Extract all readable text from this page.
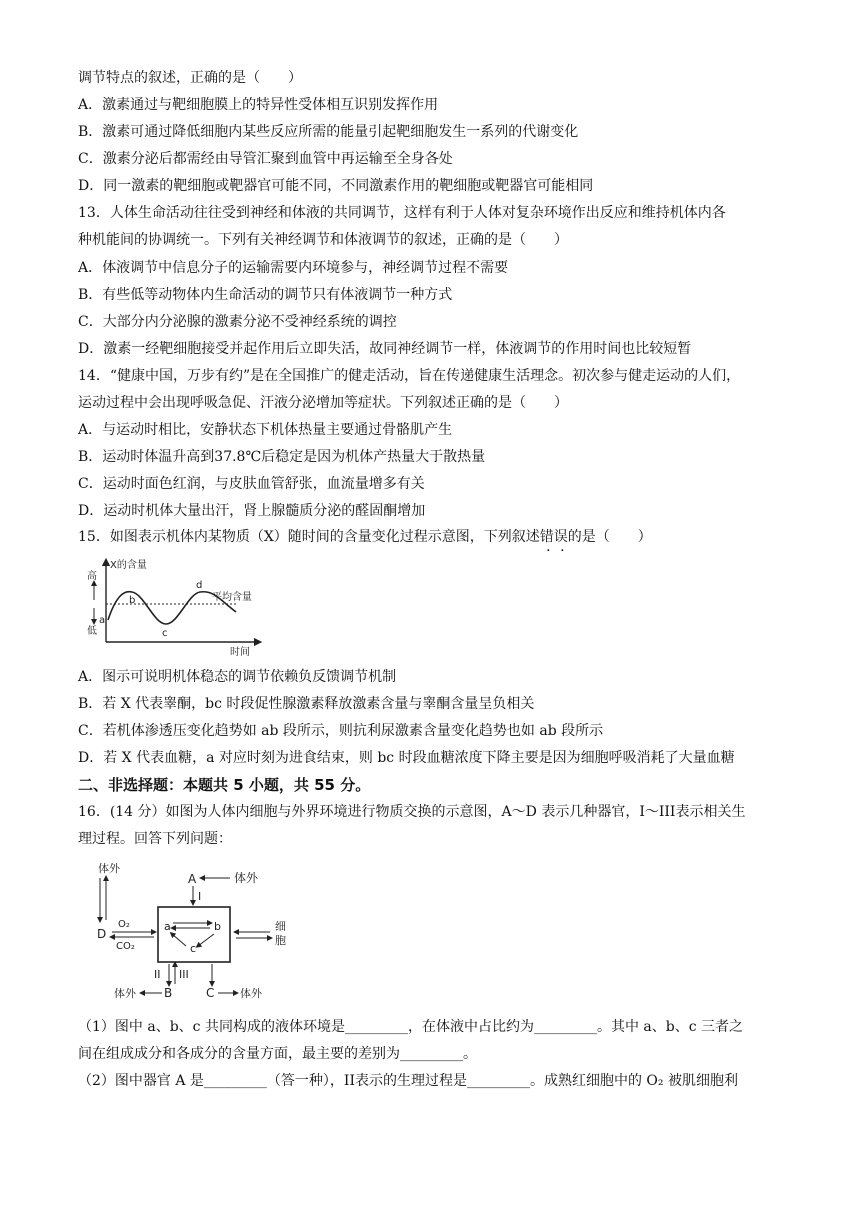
调节特点的叙述，正确的是（　　）
A．激素通过与靶细胞膜上的特异性受体相互识别发挥作用
B．激素可通过降低细胞内某些反应所需的能量引起靶细胞发生一系列的代谢变化
C．激素分泌后都需经由导管汇聚到血管中再运输至全身各处
D．同一激素的靶细胞或靶器官可能不同，不同激素作用的靶细胞或靶器官可能相同
13．人体生命活动往往受到神经和体液的共同调节，这样有利于人体对复杂环境作出反应和维持机体内各
种机能间的协调统一。下列有关神经调节和体液调节的叙述，正确的是（　　）
A．体液调节中信息分子的运输需要内环境参与，神经调节过程不需要
B．有些低等动物体内生命活动的调节只有体液调节一种方式
C．大部分内分泌腺的激素分泌不受神经系统的调控
D．激素一经靶细胞接受并起作用后立即失活，故同神经调节一样，体液调节的作用时间也比较短暂
14．“健康中国，万步有约”是在全国推广的健走活动，旨在传递健康生活理念。初次参与健走运动的人们，
运动过程中会出现呼吸急促、汗液分泌增加等症状。下列叙述正确的是（　　）
A．与运动时相比，安静状态下机体热量主要通过骨骼肌产生
B．运动时体温升高到37.8℃后稳定是因为机体产热量大于散热量
C．运动时面色红润，与皮肤血管舒张，血流量增多有关
D．运动时机体大量出汗，肾上腺髓质分泌的醛固酮增加
15．如图表示机体内某物质（X）随时间的含量变化过程示意图，下列叙述错误的是（　　）
X的含量
高
低
平均含量
时间
a
b
c
d
A．图示可说明机体稳态的调节依赖负反馈调节机制
B．若 X 代表睾酮，bc 时段促性腺激素释放激素含量与睾酮含量呈负相关
C．若机体渗透压变化趋势如 ab 段所示，则抗利尿激素含量变化趋势也如 ab 段所示
D．若 X 代表血糖，a 对应时刻为进食结束，则 bc 时段血糖浓度下降主要是因为细胞呼吸消耗了大量血糖
二、非选择题：本题共 5 小题，共 55 分。
16．(14 分）如图为人体内细胞与外界环境进行物质交换的示意图，A～D 表示几种器官，I～III表示相关生
理过程。回答下列问题：
A	体外
I
a	b
c
体外
D
O₂
CO₂
细
胞
II III
B
体外	C 体外
（1）图中 a、b、c 共同构成的液体环境是_________，在体液中占比约为_________。其中 a、b、c 三者之
间在组成成分和各成分的含量方面，最主要的差别为_________。
（2）图中器官 A 是_________（答一种），II表示的生理过程是_________。成熟红细胞中的 O₂ 被肌细胞利
